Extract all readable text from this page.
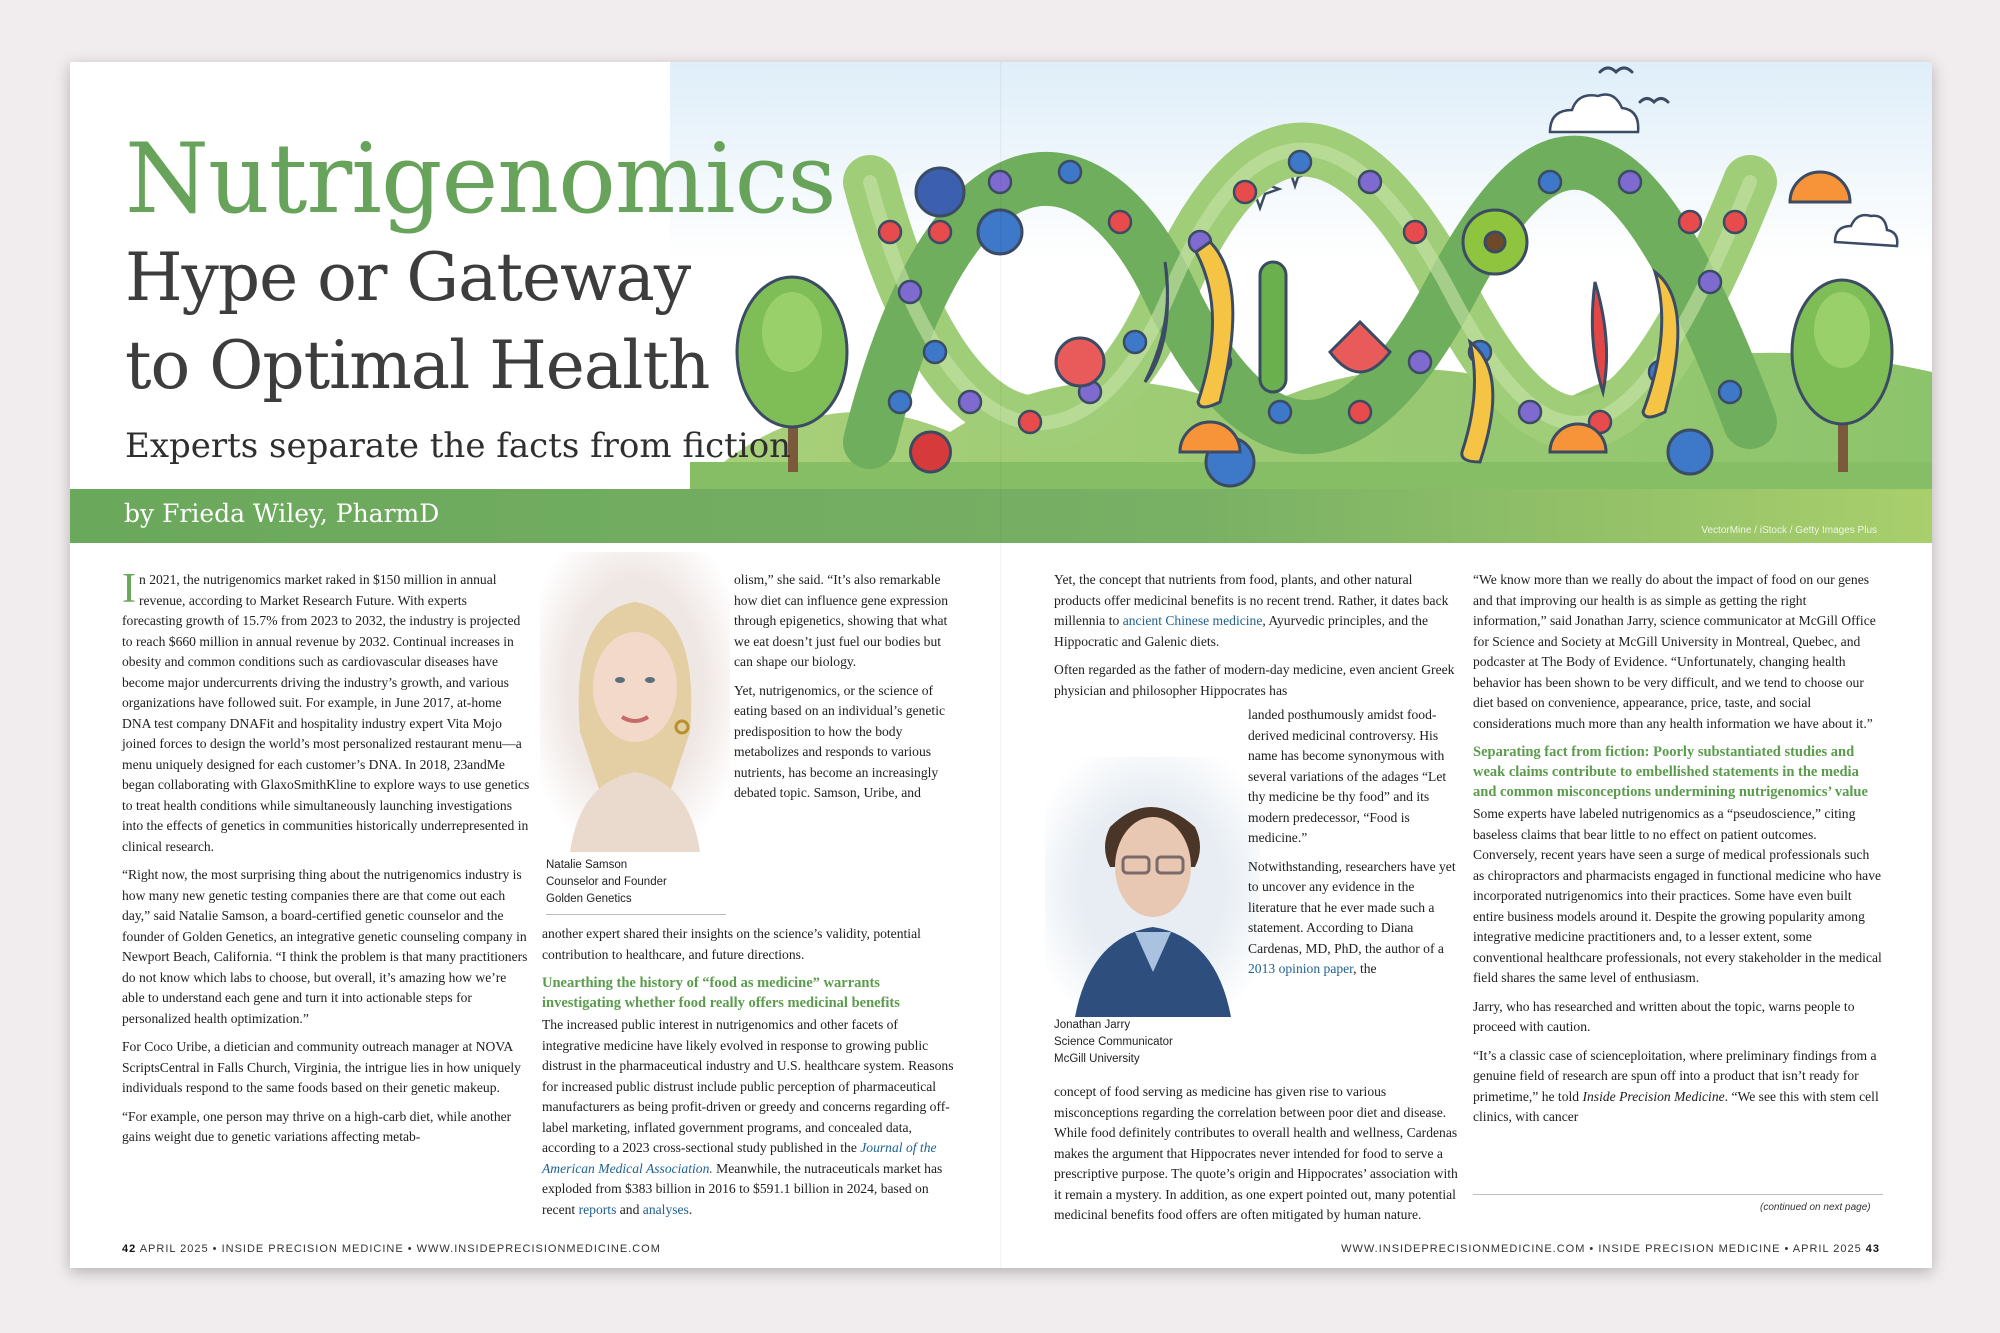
Nutrigenomics
Hype or Gateway
to Optimal Health
Experts separate the facts from fiction
by Frieda Wiley, PharmD
VectorMine / iStock / Getty Images Plus

In 2021, the nutrigenomics market raked in $150 million in annual revenue, according to Market Research Future. With experts forecasting growth of 15.7% from 2023 to 2032, the industry is projected to reach $660 million in annual revenue by 2032. Continual increases in obesity and common conditions such as cardiovascular diseases have become major undercurrents driving the industry’s growth, and various organizations have followed suit. For example, in June 2017, at-home DNA test company DNAFit and hospitality industry expert Vita Mojo joined forces to design the world’s most personalized restaurant menu—a menu uniquely designed for each customer’s DNA. In 2018, 23andMe began collaborating with GlaxoSmithKline to explore ways to use genetics to treat health conditions while simultaneously launching investigations into the effects of genetics in communities historically underrepresented in clinical research.

“Right now, the most surprising thing about the nutrigenomics industry is how many new genetic testing companies there are that come out each day,” said Natalie Samson, a board-certified genetic counselor and the founder of Golden Genetics, an integrative genetic counseling company in Newport Beach, California. “I think the problem is that many practitioners do not know which labs to choose, but overall, it’s amazing how we’re able to understand each gene and turn it into actionable steps for personalized health optimization.”

For Coco Uribe, a dietician and community outreach manager at NOVA ScriptsCentral in Falls Church, Virginia, the intrigue lies in how uniquely individuals respond to the same foods based on their genetic makeup.

“For example, one person may thrive on a high-carb diet, while another gains weight due to genetic variations affecting metab-

Natalie Samson
Counselor and Founder
Golden Genetics

olism,” she said. “It’s also remarkable how diet can influence gene expression through epigenetics, showing that what we eat doesn’t just fuel our bodies but can shape our biology.

Yet, nutrigenomics, or the science of eating based on an individual’s genetic predisposition to how the body metabolizes and responds to various nutrients, has become an increasingly debated topic. Samson, Uribe, and

another expert shared their insights on the science’s validity, potential contribution to healthcare, and future directions.

Unearthing the history of “food as medicine” warrants investigating whether food really offers medicinal benefits

The increased public interest in nutrigenomics and other facets of integrative medicine have likely evolved in response to growing public distrust in the pharmaceutical industry and U.S. healthcare system. Reasons for increased public distrust include public perception of pharmaceutical manufacturers as being profit-driven or greedy and concerns regarding off-label marketing, inflated government programs, and concealed data, according to a 2023 cross-sectional study published in the Journal of the American Medical Association. Meanwhile, the nutraceuticals market has exploded from $383 billion in 2016 to $591.1 billion in 2024, based on recent reports and analyses.

Yet, the concept that nutrients from food, plants, and other natural products offer medicinal benefits is no recent trend. Rather, it dates back millennia to ancient Chinese medicine, Ayurvedic principles, and the Hippocratic and Galenic diets.

Often regarded as the father of modern-day medicine, even ancient Greek physician and philosopher Hippocrates has

Jonathan Jarry
Science Communicator
McGill University

landed posthumously amidst food-derived medicinal controversy. His name has become synonymous with several variations of the adages “Let thy medicine be thy food” and its modern predecessor, “Food is medicine.”

Notwithstanding, researchers have yet to uncover any evidence in the literature that he ever made such a statement. According to Diana Cardenas, MD, PhD, the author of a 2013 opinion paper, the

concept of food serving as medicine has given rise to various misconceptions regarding the correlation between poor diet and disease. While food definitely contributes to overall health and wellness, Cardenas makes the argument that Hippocrates never intended for food to serve a prescriptive purpose. The quote’s origin and Hippocrates’ association with it remain a mystery. In addition, as one expert pointed out, many potential medicinal benefits food offers are often mitigated by human nature.

“We know more than we really do about the impact of food on our genes and that improving our health is as simple as getting the right information,” said Jonathan Jarry, science communicator at McGill Office for Science and Society at McGill University in Montreal, Quebec, and podcaster at The Body of Evidence. “Unfortunately, changing health behavior has been shown to be very difficult, and we tend to choose our diet based on convenience, appearance, price, taste, and social considerations much more than any health information we have about it.”

Separating fact from fiction: Poorly substantiated studies and weak claims contribute to embellished statements in the media and common misconceptions undermining nutrigenomics’ value

Some experts have labeled nutrigenomics as a “pseudoscience,” citing baseless claims that bear little to no effect on patient outcomes. Conversely, recent years have seen a surge of medical professionals such as chiropractors and pharmacists engaged in functional medicine who have incorporated nutrigenomics into their practices. Some have even built entire business models around it. Despite the growing popularity among integrative medicine practitioners and, to a lesser extent, some conventional healthcare professionals, not every stakeholder in the medical field shares the same level of enthusiasm.

Jarry, who has researched and written about the topic, warns people to proceed with caution.

“It’s a classic case of scienceploitation, where preliminary findings from a genuine field of research are spun off into a product that isn’t ready for primetime,” he told Inside Precision Medicine. “We see this with stem cell clinics, with cancer

(continued on next page)
42 APRIL 2025 • INSIDE PRECISION MEDICINE • WWW.INSIDEPRECISIONMEDICINE.COM	WWW.INSIDEPRECISIONMEDICINE.COM • INSIDE PRECISION MEDICINE • APRIL 2025 43
